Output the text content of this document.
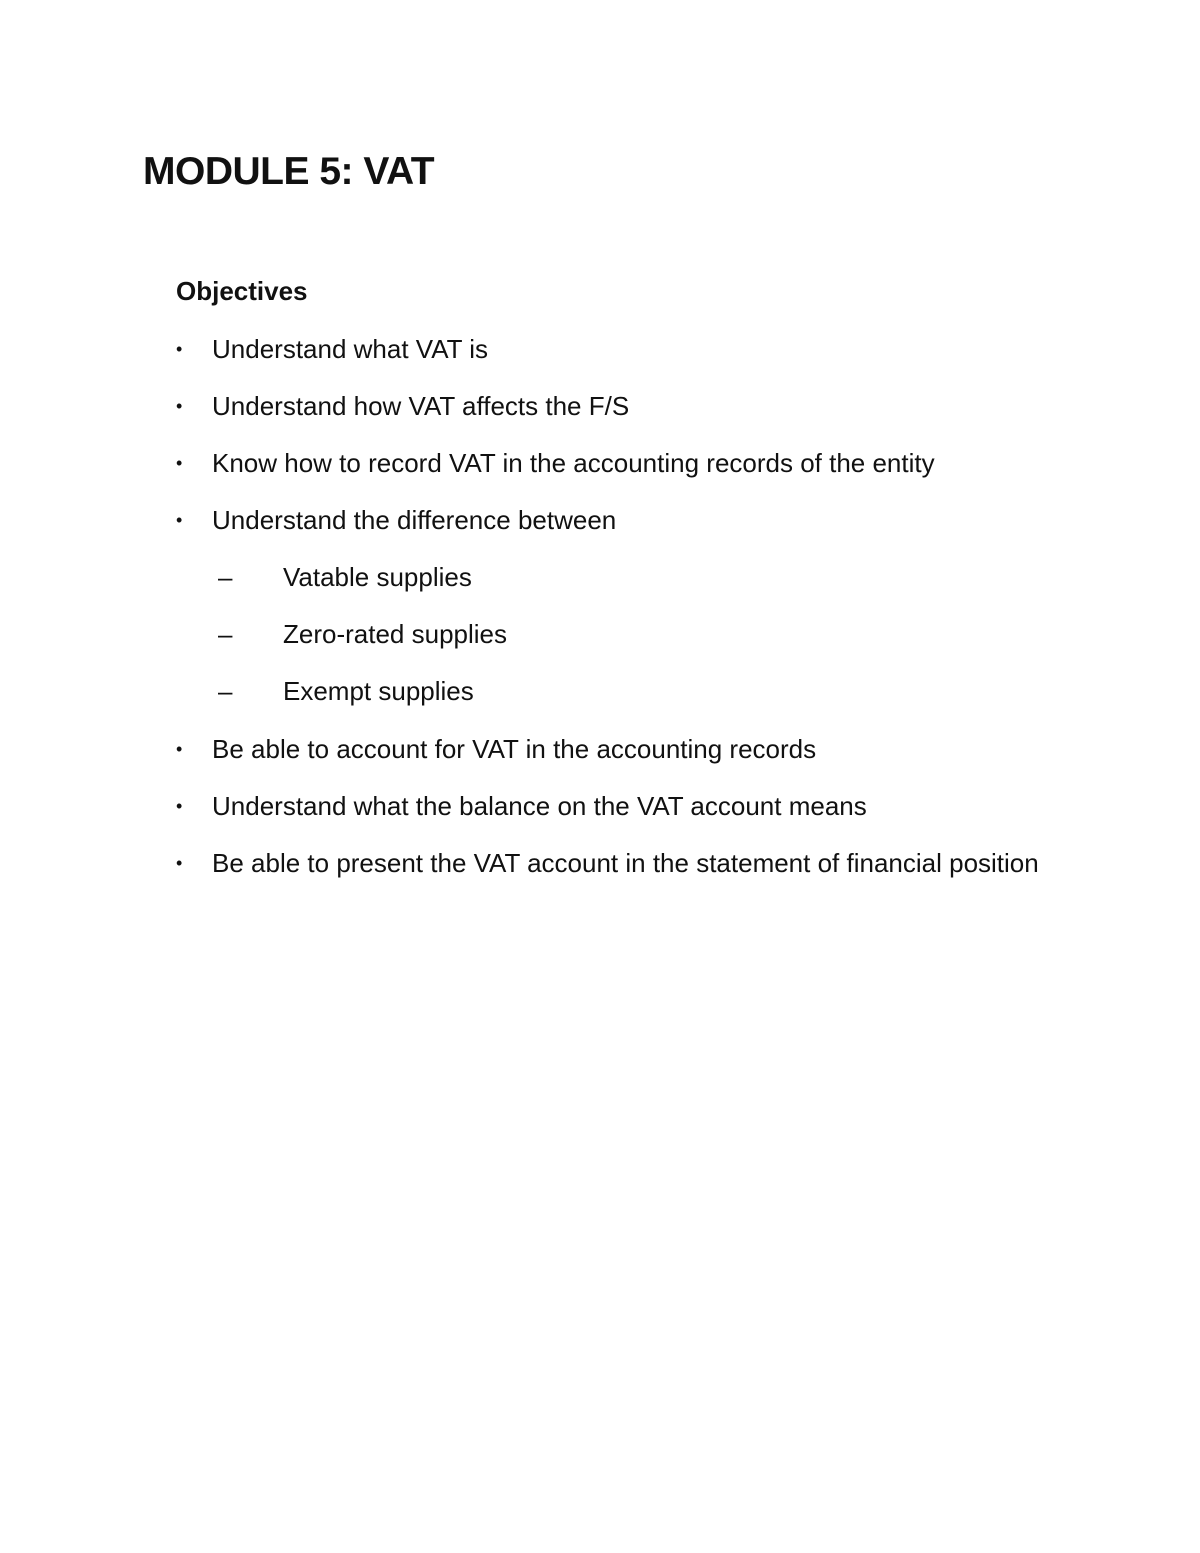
MODULE 5: VAT
Objectives
• Understand what VAT is
• Understand how VAT affects the F/S
• Know how to record VAT in the accounting records of the entity
• Understand the difference between
–	Vatable supplies
–	Zero-rated supplies
–	Exempt supplies
• Be able to account for VAT in the accounting records
• Understand what the balance on the VAT account means
• Be able to present the VAT account in the statement of financial position
